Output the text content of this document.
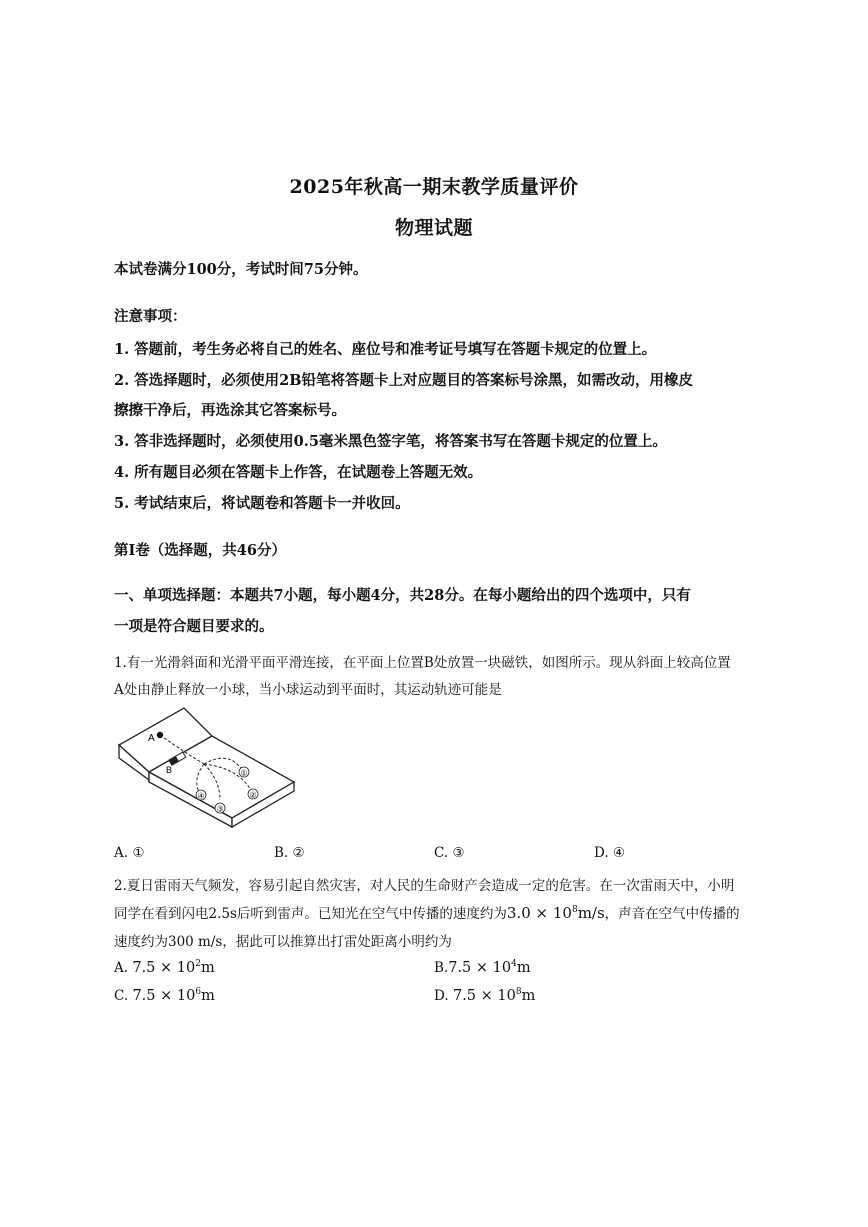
2025年秋高一期末教学质量评价
物理试题
本试卷满分100分，考试时间75分钟。
注意事项：
1. 答题前，考生务必将自己的姓名、座位号和准考证号填写在答题卡规定的位置上。
2. 答选择题时，必须使用2B铅笔将答题卡上对应题目的答案标号涂黑，如需改动，用橡皮
擦擦干净后，再选涂其它答案标号。
3. 答非选择题时，必须使用0.5毫米黑色签字笔，将答案书写在答题卡规定的位置上。
4. 所有题目必须在答题卡上作答，在试题卷上答题无效。
5. 考试结束后，将试题卷和答题卡一并收回。
第Ⅰ卷（选择题，共46分）
一、单项选择题：本题共7小题，每小题4分，共28分。在每小题给出的四个选项中，只有
一项是符合题目要求的。
1.有一光滑斜面和光滑平面平滑连接，在平面上位置B处放置一块磁铁，如图所示。现从斜面上较高位置
A处由静止释放一小球，当小球运动到平面时，其运动轨迹可能是
A
B	①
②
③
④
A. ①	B. ②	C. ③	D. ④
2.夏日雷雨天气频发，容易引起自然灾害，对人民的生命财产会造成一定的危害。在一次雷雨天中，小明
同学在看到闪电2.5s后听到雷声。已知光在空气中传播的速度约为$3.0 \times 10^8m/s$，声音在空气中传播的
速度约为300 m/s，据此可以推算出打雷处距离小明约为
A. $7.5 \times 10^2m$	$B.7.5 \times 10^4m$
C. $7.5 \times 10^6m$	D. $7.5 \times 10^8m$
